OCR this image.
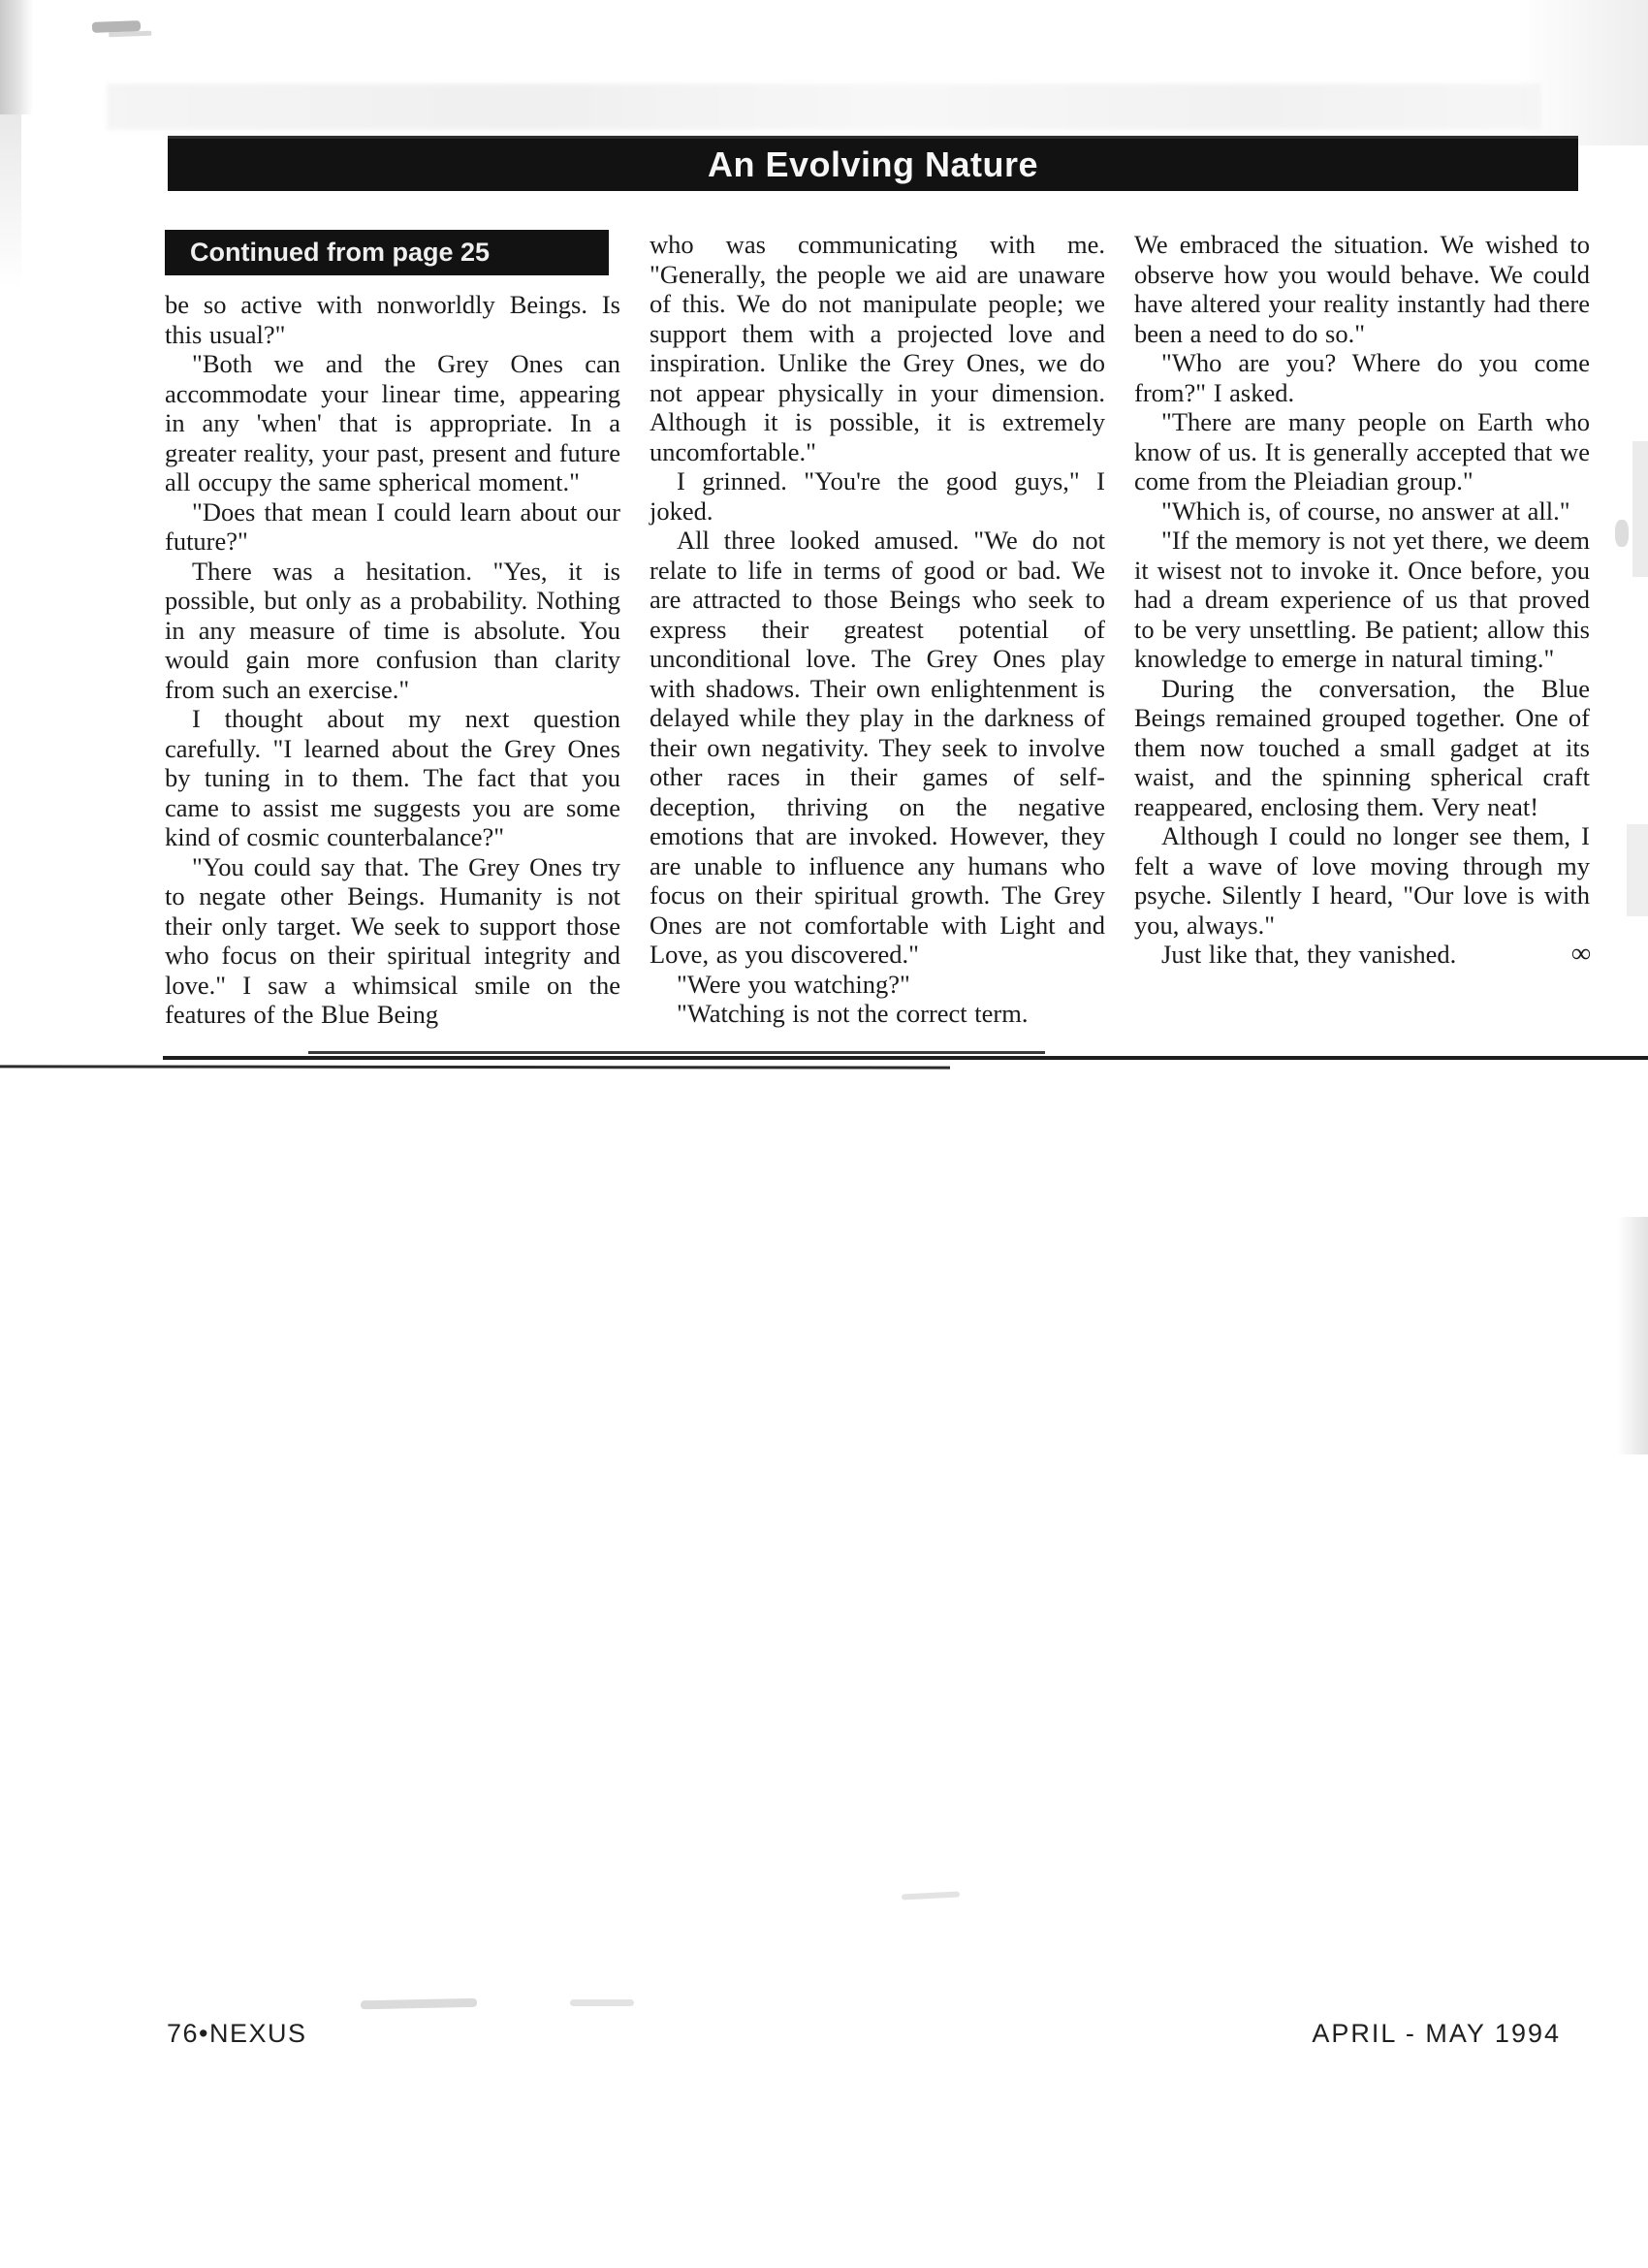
An Evolving Nature
Continued from page 25

be so active with nonworldly Beings. Is this usual?"

"Both we and the Grey Ones can accommodate your linear time, appearing in any 'when' that is appropriate. In a greater reality, your past, present and future all occupy the same spherical moment."

"Does that mean I could learn about our future?"

There was a hesitation. "Yes, it is possible, but only as a probability. Nothing in any measure of time is absolute. You would gain more confusion than clarity from such an exercise."

I thought about my next question carefully. "I learned about the Grey Ones by tuning in to them. The fact that you came to assist me suggests you are some kind of cosmic counterbalance?"

"You could say that. The Grey Ones try to negate other Beings. Humanity is not their only target. We seek to support those who focus on their spiritual integrity and love." I saw a whimsical smile on the features of the Blue Being

who was communicating with me. "Generally, the people we aid are unaware of this. We do not manipulate people; we support them with a projected love and inspiration. Unlike the Grey Ones, we do not appear physically in your dimension. Although it is possible, it is extremely uncomfortable."

I grinned. "You're the good guys," I joked.

All three looked amused. "We do not relate to life in terms of good or bad. We are attracted to those Beings who seek to express their greatest potential of unconditional love. The Grey Ones play with shadows. Their own enlightenment is delayed while they play in the darkness of their own negativity. They seek to involve other races in their games of self-deception, thriving on the negative emotions that are invoked. However, they are unable to influence any humans who focus on their spiritual growth. The Grey Ones are not comfortable with Light and Love, as you discovered."

"Were you watching?"

"Watching is not the correct term.

We embraced the situation. We wished to observe how you would behave. We could have altered your reality instantly had there been a need to do so."

"Who are you? Where do you come from?" I asked.

"There are many people on Earth who know of us. It is generally accepted that we come from the Pleiadian group."

"Which is, of course, no answer at all."

"If the memory is not yet there, we deem it wisest not to invoke it. Once before, you had a dream experience of us that proved to be very unsettling. Be patient; allow this knowledge to emerge in natural timing."

During the conversation, the Blue Beings remained grouped together. One of them now touched a small gadget at its waist, and the spinning spherical craft reappeared, enclosing them. Very neat!

Although I could no longer see them, I felt a wave of love moving through my psyche. Silently I heard, "Our love is with you, always."

∞
Just like that, they vanished.

76•NEXUS	APRIL - MAY 1994
